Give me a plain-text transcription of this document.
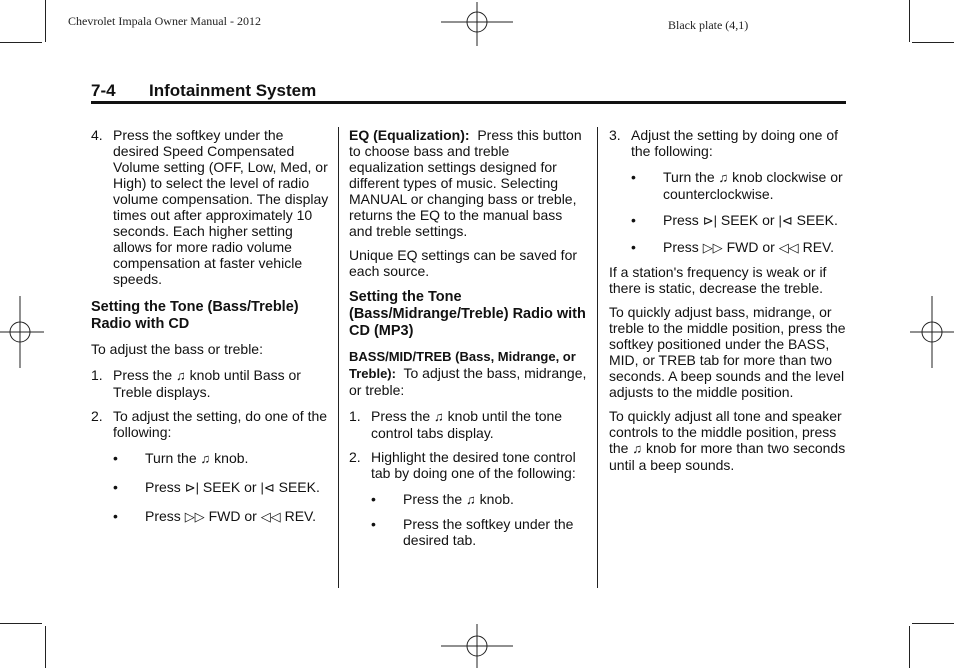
Chevrolet Impala Owner Manual - 2012	Black plate (4,1)
7-4 Infotainment System
4. Press the softkey under the desired Speed Compensated Volume setting (OFF, Low, Med, or High) to select the level of radio volume compensation. The display times out after approximately 10 seconds. Each higher setting allows for more radio volume compensation at faster vehicle speeds.
Setting the Tone (Bass/Treble) Radio with CD

To adjust the bass or treble:

1. Press the ♫ knob until Bass or Treble displays.
2. To adjust the setting, do one of the following:
• Turn the ♫ knob.
• Press ⊳| SEEK or |⊲ SEEK.
• Press ▷▷ FWD or ◁◁ REV.

EQ (Equalization): Press this button to choose bass and treble equalization settings designed for different types of music. Selecting MANUAL or changing bass or treble, returns the EQ to the manual bass and treble settings.

Unique EQ settings can be saved for each source.

Setting the Tone (Bass/Midrange/Treble) Radio with CD (MP3)

BASS/MID/TREB (Bass, Midrange, or Treble): To adjust the bass, midrange, or treble:

1. Press the ♫ knob until the tone control tabs display.
2. Highlight the desired tone control tab by doing one of the following:
• Press the ♫ knob.
• Press the softkey under the desired tab.
3. Adjust the setting by doing one of the following:
• Turn the ♫ knob clockwise or counterclockwise.
• Press ⊳| SEEK or |⊲ SEEK.
• Press ▷▷ FWD or ◁◁ REV.

If a station's frequency is weak or if there is static, decrease the treble.

To quickly adjust bass, midrange, or treble to the middle position, press the softkey positioned under the BASS, MID, or TREB tab for more than two seconds. A beep sounds and the level adjusts to the middle position.

To quickly adjust all tone and speaker controls to the middle position, press the ♫ knob for more than two seconds until a beep sounds.
